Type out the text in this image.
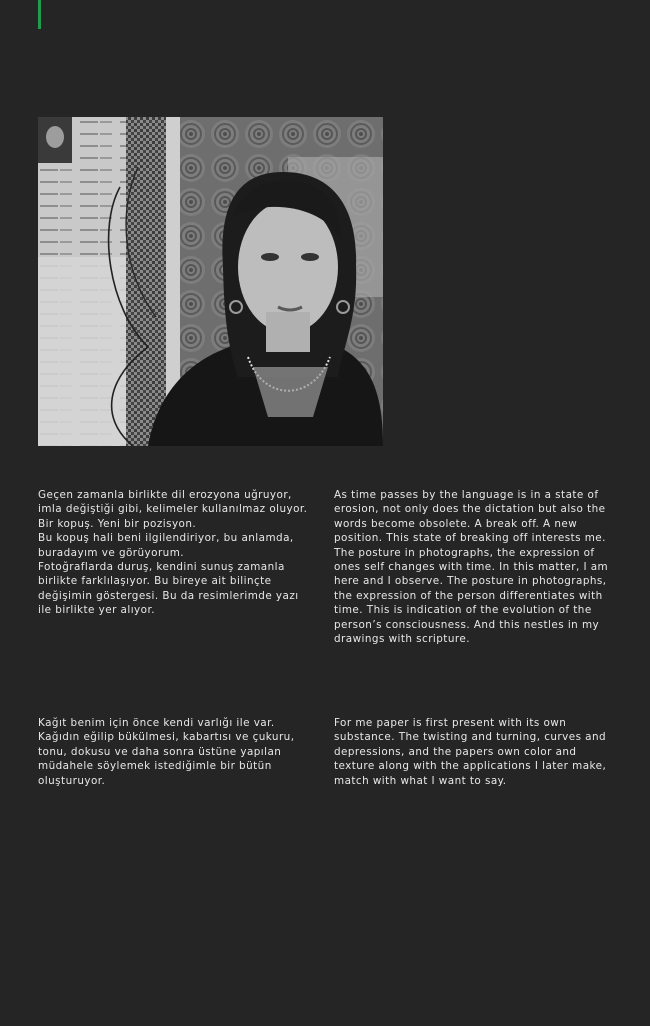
Geçen zamanla birlikte dil erozyona uğruyor, imla değiştiği gibi, kelimeler kullanılmaz oluyor. Bir kopuş. Yeni bir pozisyon.
Bu kopuş hali beni ilgilendiriyor, bu anlamda, buradayım ve görüyorum.
Fotoğraflarda duruş, kendini sunuş zamanla birlikte farklılaşıyor. Bu bireye ait bilinçte değişimin göstergesi. Bu da resimlerimde yazı ile birlikte yer alıyor.

As time passes by the language is in a state of erosion, not only does the dictation but also the words become obsolete. A break off. A new position. This state of breaking off interests me. The posture in photographs, the expression of ones self changes with time. In this matter, I am here and I observe. The posture in photographs, the expression of the person differentiates with time. This is indication of the evolution of the person’s consciousness. And this nestles in my drawings with scripture.

Kağıt benim için önce kendi varlığı ile var. Kağıdın eğilip bükülmesi, kabartısı ve çukuru, tonu, dokusu ve daha sonra üstüne yapılan müdahele söylemek istediğimle bir bütün oluşturuyor.

For me paper is first present with its own substance. The twisting and turning, curves and depressions, and the papers own color and texture along with the applications I later make, match with what I want to say.
